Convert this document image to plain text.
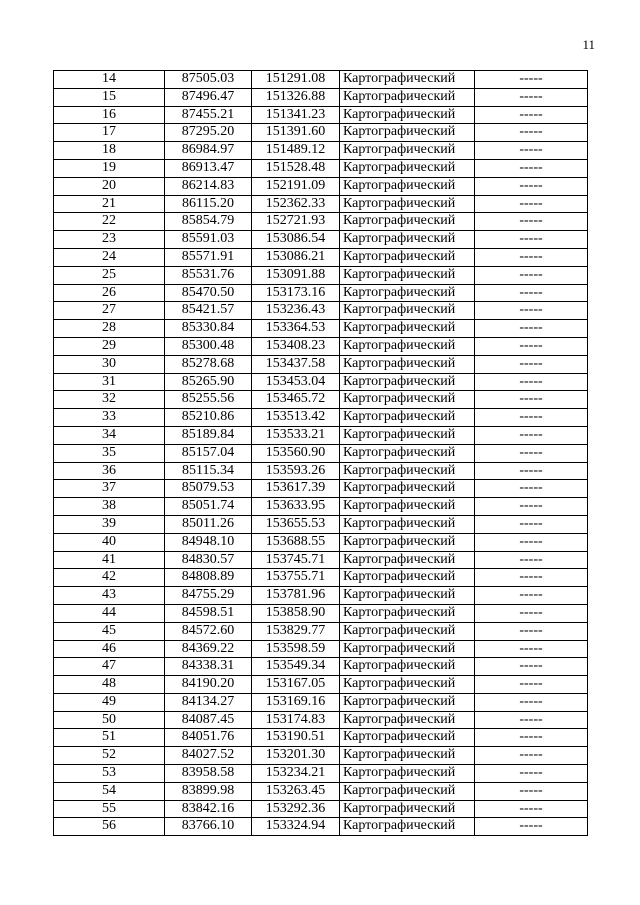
11
14	87505.03	151291.08	Картографический	-----
15	87496.47	151326.88	Картографический	-----
16	87455.21	151341.23	Картографический	-----
17	87295.20	151391.60	Картографический	-----
18	86984.97	151489.12	Картографический	-----
19	86913.47	151528.48	Картографический	-----
20	86214.83	152191.09	Картографический	-----
21	86115.20	152362.33	Картографический	-----
22	85854.79	152721.93	Картографический	-----
23	85591.03	153086.54	Картографический	-----
24	85571.91	153086.21	Картографический	-----
25	85531.76	153091.88	Картографический	-----
26	85470.50	153173.16	Картографический	-----
27	85421.57	153236.43	Картографический	-----
28	85330.84	153364.53	Картографический	-----
29	85300.48	153408.23	Картографический	-----
30	85278.68	153437.58	Картографический	-----
31	85265.90	153453.04	Картографический	-----
32	85255.56	153465.72	Картографический	-----
33	85210.86	153513.42	Картографический	-----
34	85189.84	153533.21	Картографический	-----
35	85157.04	153560.90	Картографический	-----
36	85115.34	153593.26	Картографический	-----
37	85079.53	153617.39	Картографический	-----
38	85051.74	153633.95	Картографический	-----
39	85011.26	153655.53	Картографический	-----
40	84948.10	153688.55	Картографический	-----
41	84830.57	153745.71	Картографический	-----
42	84808.89	153755.71	Картографический	-----
43	84755.29	153781.96	Картографический	-----
44	84598.51	153858.90	Картографический	-----
45	84572.60	153829.77	Картографический	-----
46	84369.22	153598.59	Картографический	-----
47	84338.31	153549.34	Картографический	-----
48	84190.20	153167.05	Картографический	-----
49	84134.27	153169.16	Картографический	-----
50	84087.45	153174.83	Картографический	-----
51	84051.76	153190.51	Картографический	-----
52	84027.52	153201.30	Картографический	-----
53	83958.58	153234.21	Картографический	-----
54	83899.98	153263.45	Картографический	-----
55	83842.16	153292.36	Картографический	-----
56	83766.10	153324.94	Картографический	-----
